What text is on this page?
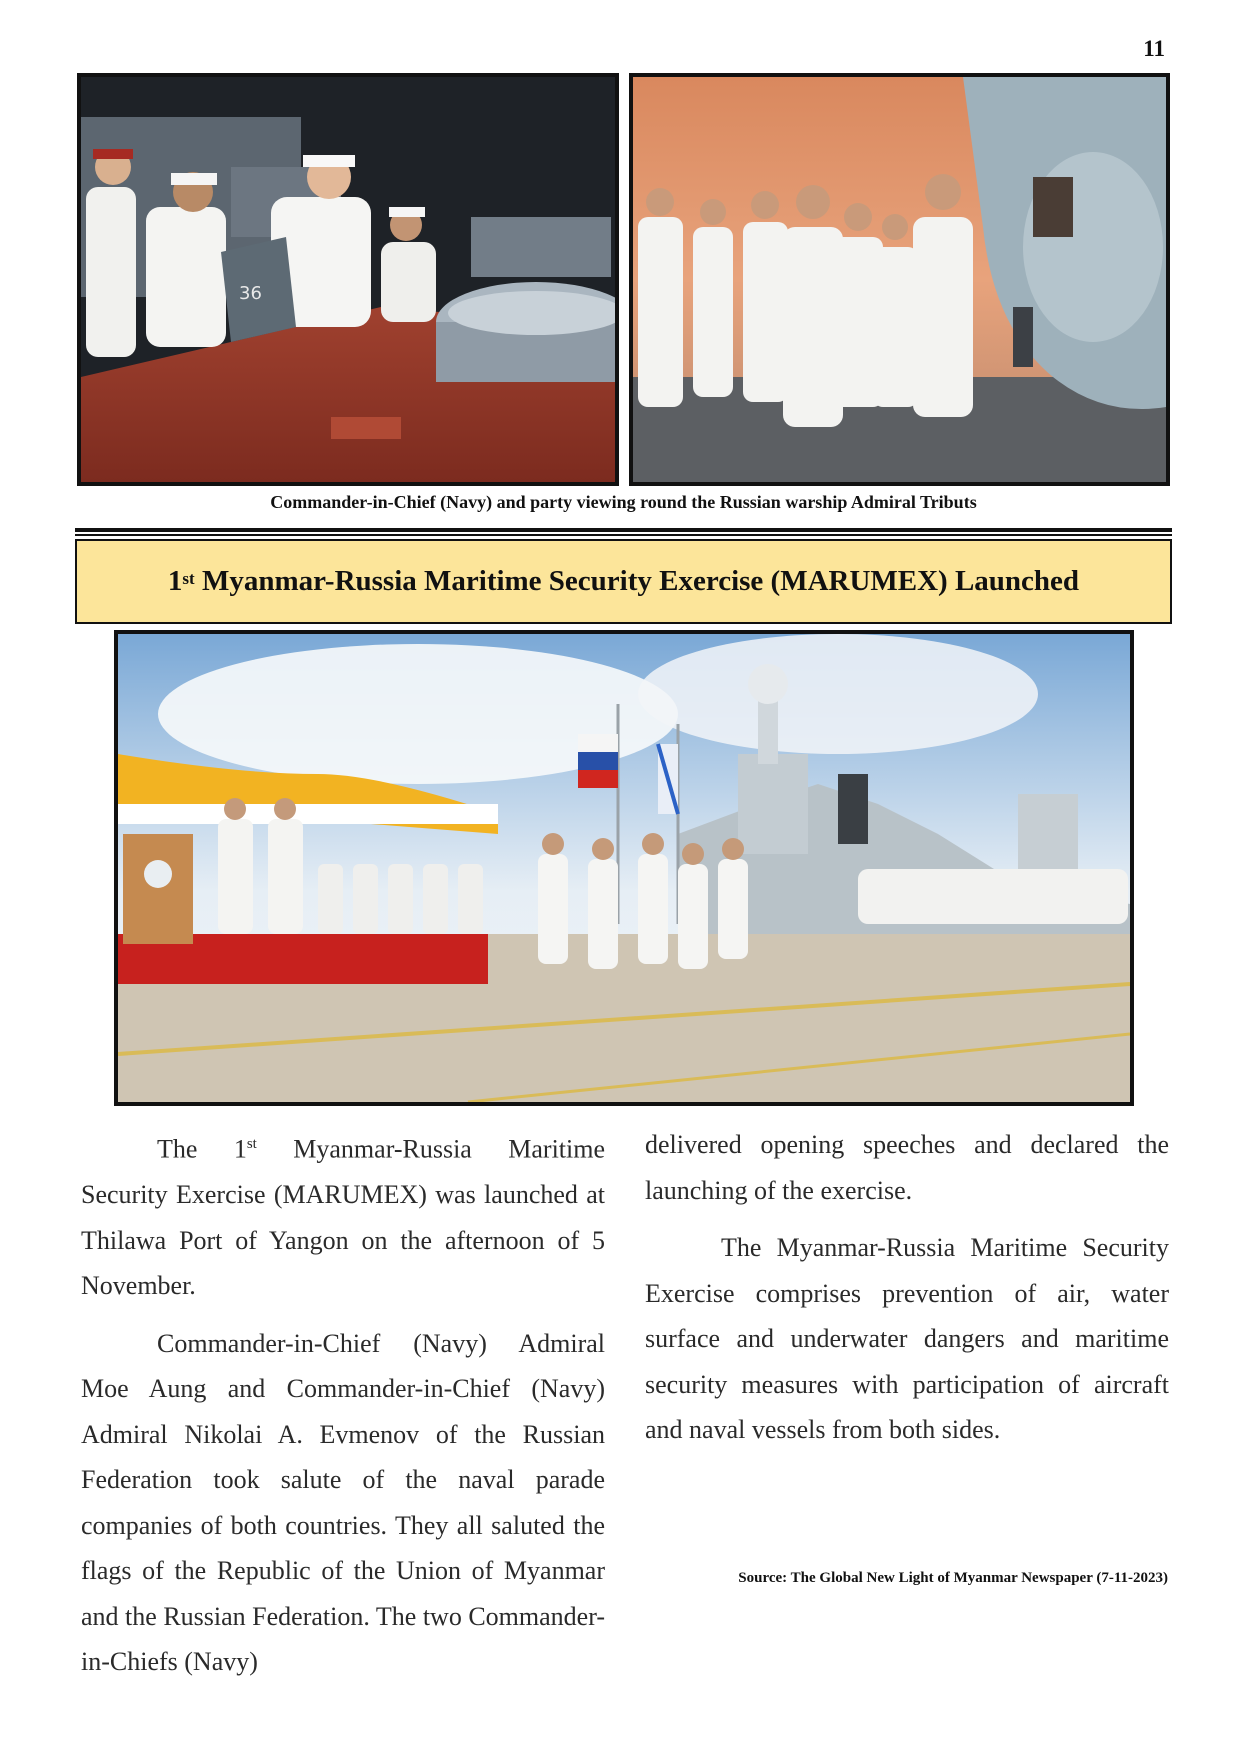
11
36
Commander-in-Chief (Navy) and party viewing round the Russian warship Admiral Tributs
1st Myanmar-Russia Maritime Security Exercise (MARUMEX) Launched

The 1st Myanmar-Russia Maritime Security Exercise (MARUMEX) was launched at Thilawa Port of Yangon on the afternoon of 5 November.

Commander-in-Chief (Navy) Admiral Moe Aung and Commander-in-Chief (Navy) Admiral Nikolai A. Evmenov of the Russian Federation took salute of the naval parade companies of both countries. They all saluted the flags of the Republic of the Union of Myanmar and the Russian Federation. The two Commander-in-Chiefs (Navy)

delivered opening speeches and declared the launching of the exercise.

The Myanmar-Russia Maritime Security Exercise comprises prevention of air, water surface and underwater dangers and maritime security measures with participation of aircraft and naval vessels from both sides.

Source: The Global New Light of Myanmar Newspaper (7-11-2023)
